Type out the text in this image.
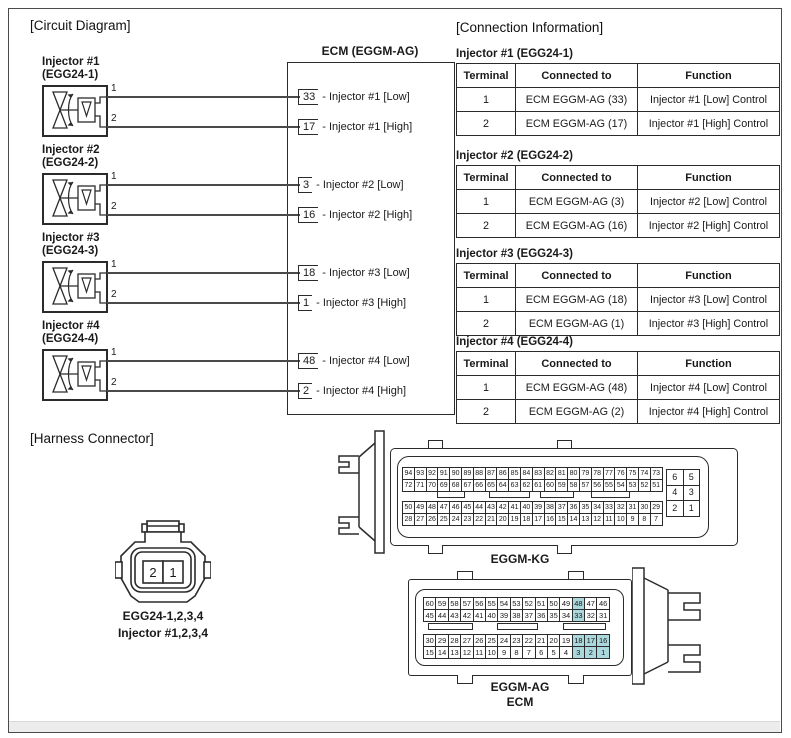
[Circuit Diagram]	[Connection Information]
[Harness Connector]
ECM (EGGM-AG)
Injector #1
(EGG24-1)
1
33 - Injector #1 [Low]
2
17 - Injector #1 [High]
Injector #2
(EGG24-2)
1
3 - Injector #2 [Low]
2
16 - Injector #2 [High]
Injector #3
(EGG24-3)
1
18 - Injector #3 [Low]
2
1 - Injector #3 [High]
Injector #4
(EGG24-4)
1
48 - Injector #4 [Low]
2
2 - Injector #4 [High]
Injector #1 (EGG24-1)
Terminal	Connected to	Function
1	ECM EGGM-AG (33)	Injector #1 [Low] Control
2	ECM EGGM-AG (17)	Injector #1 [High] Control
Injector #2 (EGG24-2)
Terminal	Connected to	Function
1	ECM EGGM-AG (3)	Injector #2 [Low] Control
2	ECM EGGM-AG (16)	Injector #2 [High] Control
Injector #3 (EGG24-3)
Terminal	Connected to	Function
1	ECM EGGM-AG (18)	Injector #3 [Low] Control
2	ECM EGGM-AG (1)	Injector #3 [High] Control
Injector #4 (EGG24-4)
Terminal	Connected to	Function
1	ECM EGGM-AG (48)	Injector #4 [Low] Control
2	ECM EGGM-AG (2)	Injector #4 [High] Control
2 1
EGG24-1,2,3,4
Injector #1,2,3,4
EGGM-KG
EGGM-AG
ECM
94 93 92 91 90 89 88 87 86 85 84 83 82 81 80 79 78 77 76 75 74 73
72 71 70 69 68 67 66 65 64 63 62 61 60 59 58 57 56 55 54 53 52 51
50 49 48 47 46 45 44 43 42 41 40 39 38 37 36 35 34 33 32 31 30 29
28 27 26 25 24 23 22 21 20 19 18 17 16 15 14 13 12 11 10 9	8	7
6	5
4	3
2	1
60 59 58 57 56 55 54 53 52 51 50 49 48 47 46
45 44 43 42 41 40 39 38 37 36 35 34 33 32 31
30 29 28 27 26 25 24 23 22 21 20 19 18 17 16
15 14 13 12 11 10 9	8	7	6	5	4	3	2	1
